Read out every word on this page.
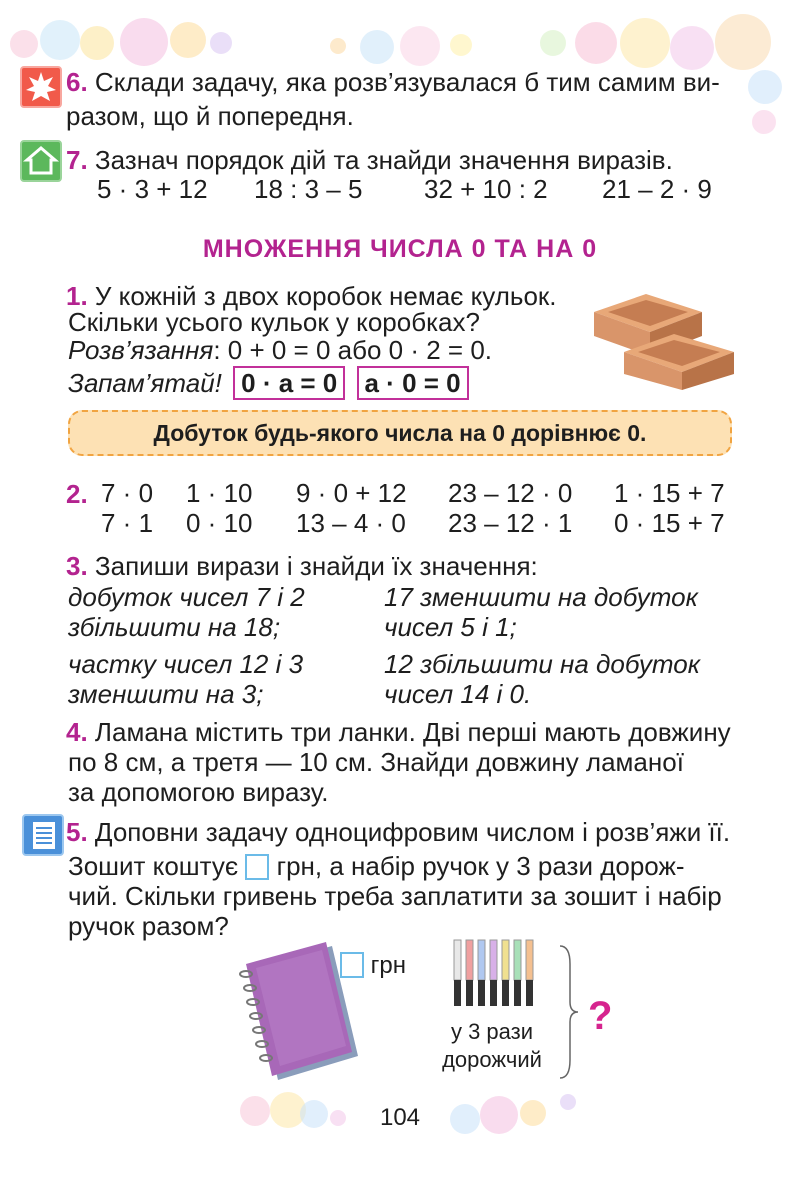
6. Склади задачу, яка розв’язувалася б тим самим ви-
разом, що й попередня.
7. Зазнач порядок дій та знайди значення виразів.
5 · 3 + 12 18 : 3 – 5 32 + 10 : 2 21 – 2 · 9
МНОЖЕННЯ ЧИСЛА 0 ТА НА 0
1. У кожній з двох коробок немає кульок.
Скільки усього кульок у коробках?
Розв’язання: 0 + 0 = 0 або 0 · 2 = 0.
Запам’ятай! 0 · a = 0 a · 0 = 0
Добуток будь-якого числа на 0 дорівнює 0.
2. 7 · 0 1 · 10 9 · 0 + 12 23 – 12 · 0 1 · 15 + 7
7 · 1 0 · 10 13 – 4 · 0 23 – 12 · 1 0 · 15 + 7
3. Запиши вирази і знайди їх значення:
добуток чисел 7 і 2
збільшити на 18;
17 зменшити на добуток
чисел 5 і 1;
частку чисел 12 і 3
зменшити на 3;
12 збільшити на добуток
чисел 14 і 0.
4. Ламана містить три ланки. Дві перші мають довжину
по 8 см, а третя — 10 см. Знайди довжину ламаної
за допомогою виразу.
5. Доповни задачу одноцифровим числом і розв’яжи її.
Зошит коштує грн, а набір ручок у 3 рази дорож-
чий. Скільки гривень треба заплатити за зошит і набір
ручок разом?
грн
у 3 рази
дорожчий
?
104
